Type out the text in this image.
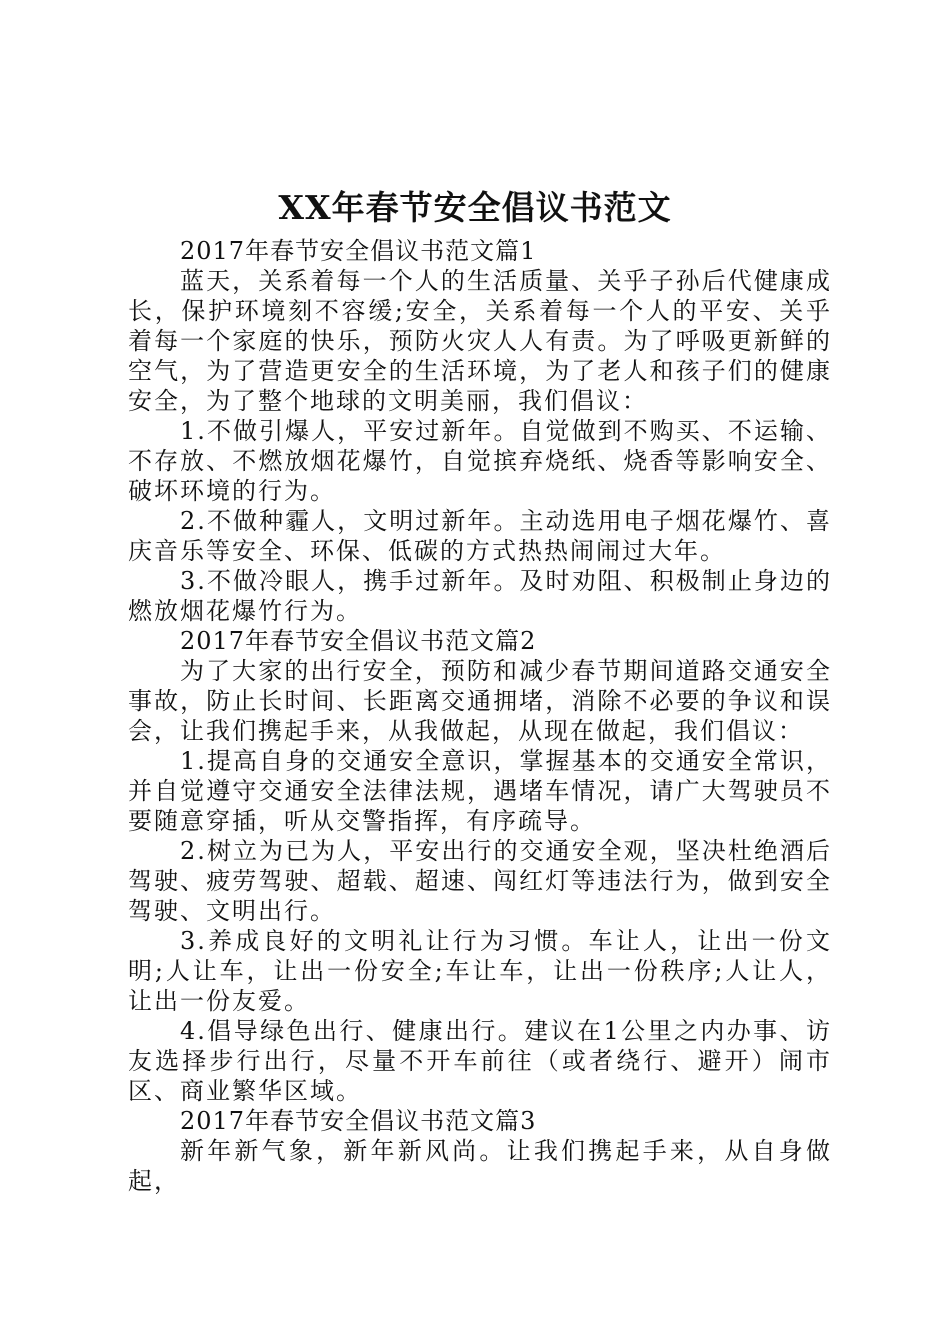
XX年春节安全倡议书范文

2017年春节安全倡议书范文篇1

蓝天，关系着每一个人的生活质量、关乎子孙后代健康成长，保护环境刻不容缓;安全，关系着每一个人的平安、关乎着每一个家庭的快乐，预防火灾人人有责。为了呼吸更新鲜的空气，为了营造更安全的生活环境，为了老人和孩子们的健康安全，为了整个地球的文明美丽，我们倡议：

1.不做引爆人，平安过新年。自觉做到不购买、不运输、不存放、不燃放烟花爆竹，自觉摈弃烧纸、烧香等影响安全、破坏环境的行为。

2.不做种霾人，文明过新年。主动选用电子烟花爆竹、喜庆音乐等安全、环保、低碳的方式热热闹闹过大年。

3.不做冷眼人，携手过新年。及时劝阻、积极制止身边的燃放烟花爆竹行为。

2017年春节安全倡议书范文篇2

为了大家的出行安全，预防和减少春节期间道路交通安全事故，防止长时间、长距离交通拥堵，消除不必要的争议和误会，让我们携起手来，从我做起，从现在做起，我们倡议：

1.提高自身的交通安全意识，掌握基本的交通安全常识，并自觉遵守交通安全法律法规，遇堵车情况，请广大驾驶员不要随意穿插，听从交警指挥，有序疏导。

2.树立为已为人，平安出行的交通安全观，坚决杜绝酒后驾驶、疲劳驾驶、超载、超速、闯红灯等违法行为，做到安全驾驶、文明出行。

3.养成良好的文明礼让行为习惯。车让人，让出一份文明;人让车，让出一份安全;车让车，让出一份秩序;人让人，让出一份友爱。

4.倡导绿色出行、健康出行。建议在1公里之内办事、访友选择步行出行，尽量不开车前往（或者绕行、避开）闹市区、商业繁华区域。

2017年春节安全倡议书范文篇3

新年新气象，新年新风尚。让我们携起手来，从自身做起，
